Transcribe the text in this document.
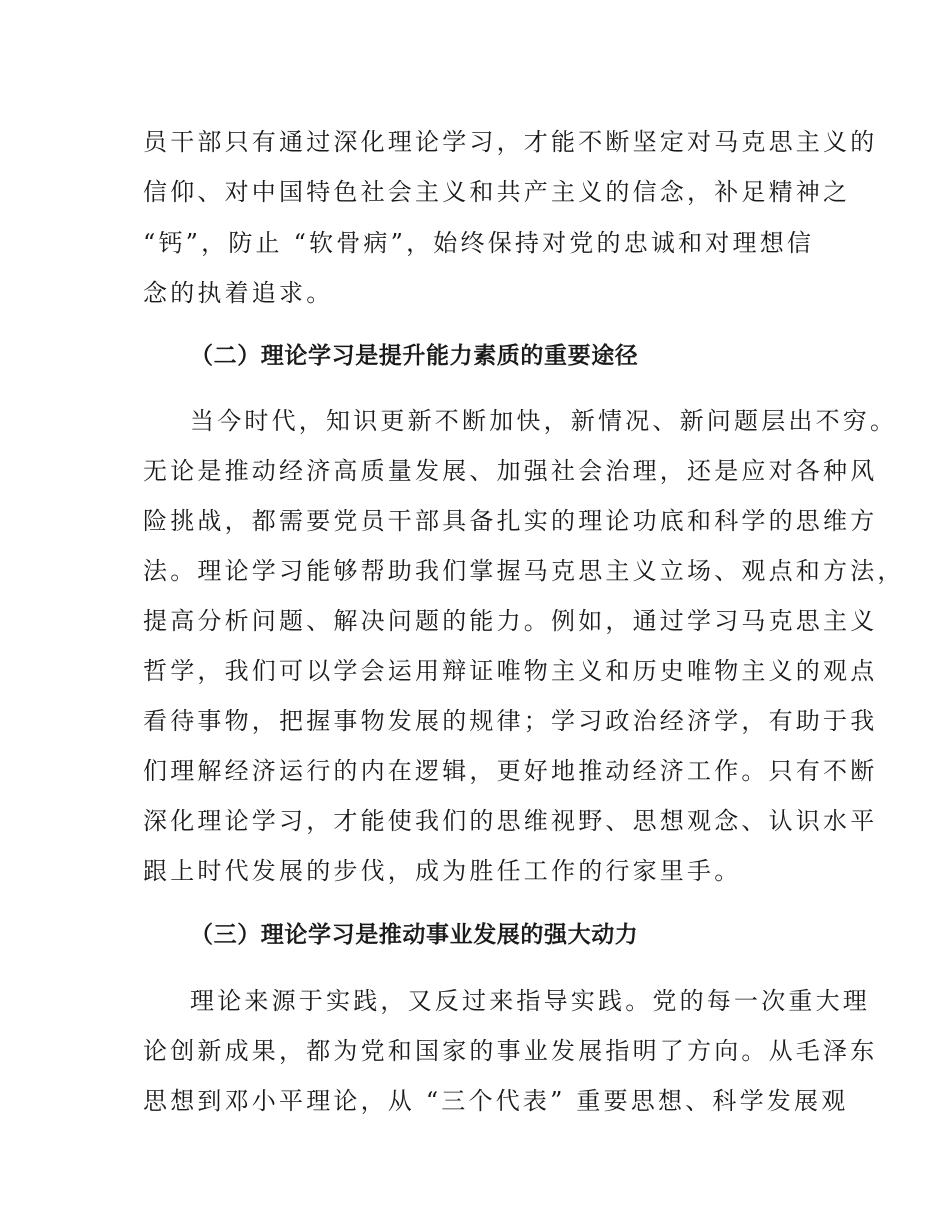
员干部只有通过深化理论学习，才能不断坚定对马克思主义的
信仰、对中国特色社会主义和共产主义的信念，补足精神之
“钙”，防止 “软骨病”，始终保持对党的忠诚和对理想信
念的执着追求。
（二）理论学习是提升能力素质的重要途径
当今时代，知识更新不断加快，新情况、新问题层出不穷。
无论是推动经济高质量发展、加强社会治理，还是应对各种风
险挑战，都需要党员干部具备扎实的理论功底和科学的思维方
法。理论学习能够帮助我们掌握马克思主义立场、观点和方法，
提高分析问题、解决问题的能力。例如，通过学习马克思主义
哲学，我们可以学会运用辩证唯物主义和历史唯物主义的观点
看待事物，把握事物发展的规律；学习政治经济学，有助于我
们理解经济运行的内在逻辑，更好地推动经济工作。只有不断
深化理论学习，才能使我们的思维视野、思想观念、认识水平
跟上时代发展的步伐，成为胜任工作的行家里手。
（三）理论学习是推动事业发展的强大动力
理论来源于实践，又反过来指导实践。党的每一次重大理
论创新成果，都为党和国家的事业发展指明了方向。从毛泽东
思想到邓小平理论，从 “三个代表” 重要思想、科学发展观
